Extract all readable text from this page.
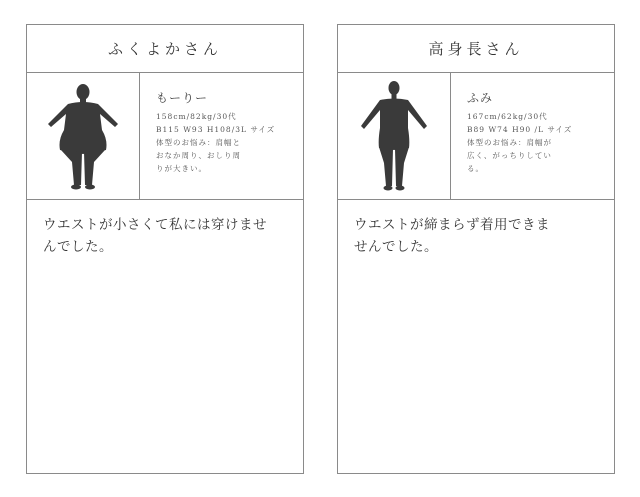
ふくよかさん
もーりー
158cm/82kg/30代
B115 W93 H108/3L サイズ
体型のお悩み：肩幅と
おなか周り、おしり周
りが大きい。
ウエストが小さくて私には穿けませ
んでした。
高身長さん
ふみ
167cm/62kg/30代
B89 W74 H90 /L サイズ
体型のお悩み：肩幅が
広く、がっちりしてい
る。
ウエストが締まらず着用できま
せんでした。
